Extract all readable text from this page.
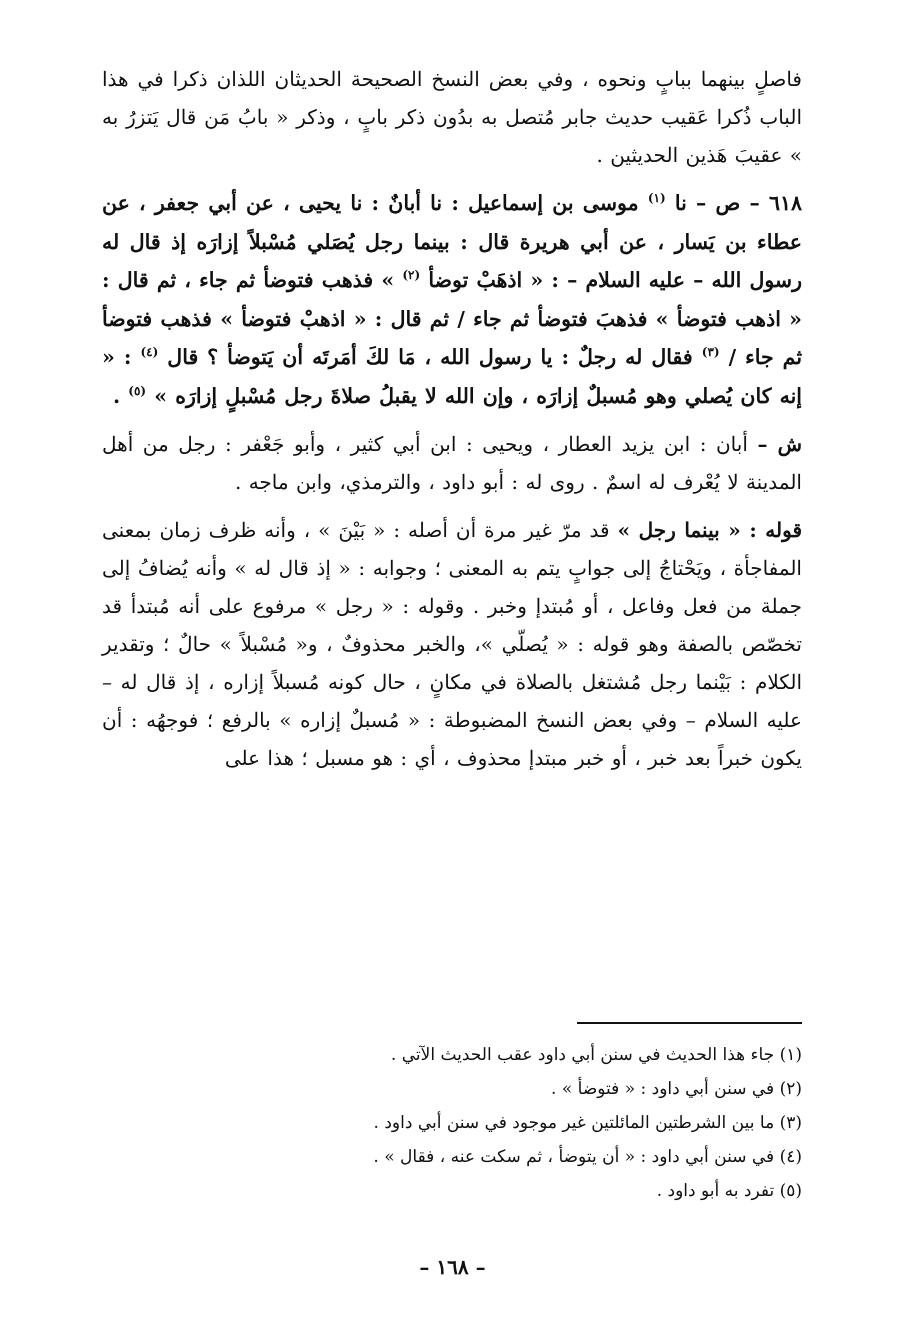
فاصلٍ بينهما ببابٍ ونحوه ، وفي بعض النسخ الصحيحة الحديثان اللذان ذكرا في هذا الباب ذُكرا عَقيب حديث جابر مُتصل به بدُون ذكر بابٍ ، وذكر « بابُ مَن قال يَتزرُ به » عقيبَ هَذين الحديثين .

٦١٨ – ص – نا $^{(١)}$ موسى بن إسماعيل : نا أبانٌ : نا يحيى ، عن أبي جعفر ، عن عطاء بن يَسار ، عن أبي هريرة قال : بينما رجل يُصَلي مُسْبلاً إزارَه إذ قال له رسول الله – عليه السلام – : « اذهَبْ توضأ $^{(٢)}$ » فذهب فتوضأ ثم جاء ، ثم قال : « اذهب فتوضأ » فذهبَ فتوضأ ثم جاء / ثم قال : « اذهبْ فتوضأ » فذهب فتوضأ ثم جاء / $^{(٣)}$ فقال له رجلٌ : يا رسول الله ، مَا لكَ أمَرتَه أن يَتوضأ ؟ قال $^{(٤)}$ : « إنه كان يُصلي وهو مُسبلٌ إزارَه ، وإن الله لا يقبلُ صلاةَ رجل مُسْبلٍ إزارَه » $^{(٥)}$ .

ش – أبان : ابن يزيد العطار ، ويحيى : ابن أبي كثير ، وأبو جَعْفر : رجل من أهل المدينة لا يُعْرف له اسمٌ . روى له : أبو داود ، والترمذي، وابن ماجه .

قوله : « بينما رجل » قد مرّ غير مرة أن أصله : « بَيْنَ » ، وأنه ظرف زمان بمعنى المفاجأة ، ويَحْتاجُ إلى جوابٍ يتم به المعنى ؛ وجوابه : « إذ قال له » وأنه يُضافُ إلى جملة من فعل وفاعل ، أو مُبتدإ وخبر . وقوله : « رجل » مرفوع على أنه مُبتدأ قد تخصّص بالصفة وهو قوله : « يُصلّي »، والخبر محذوفٌ ، و« مُسْبلاً » حالٌ ؛ وتقدير الكلام : بَيْنما رجل مُشتغل بالصلاة في مكانٍ ، حال كونه مُسبلاً إزاره ، إذ قال له – عليه السلام – وفي بعض النسخ المضبوطة : « مُسبلٌ إزاره » بالرفع ؛ فوجهُه : أن يكون خبراً بعد خبر ، أو خبر مبتدإ محذوف ، أي : هو مسبل ؛ هذا على

(١) جاء هذا الحديث في سنن أبي داود عقب الحديث الآتي .
(٢) في سنن أبي داود : « فتوضأ » .
(٣) ما بين الشرطتين المائلتين غير موجود في سنن أبي داود .
(٤) في سنن أبي داود : « أن يتوضأ ، ثم سكت عنه ، فقال » .
(٥) تفرد به أبو داود .
– ١٦٨ –
